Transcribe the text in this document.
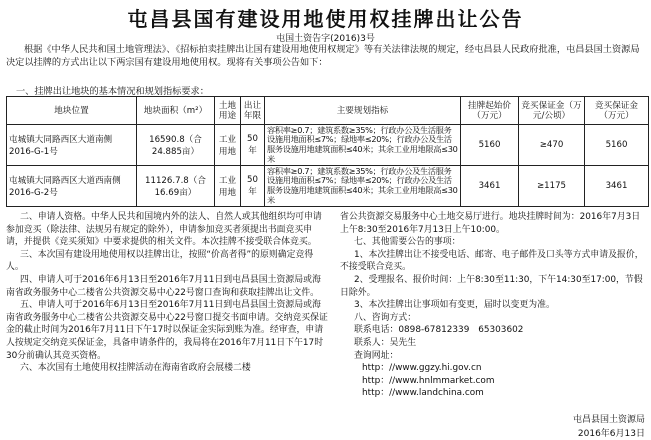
屯昌县国有建设用地使用权挂牌出让公告
屯国土资告字(2016)3号
根据《中华人民共和国土地管理法》、《招标拍卖挂牌出让国有建设用地使用权规定》等有关法律法规的规定，经屯昌县人民政府批准，屯昌县国土资源局决定以挂牌的方式出让以下两宗国有建设用地使用权。现将有关事项公告如下：
一、挂牌出让地块的基本情况和规划指标要求：
地块位置	地块面积（m²）	土地用途	出让年限	主要规划指标	挂牌起始价（万元）	竞买保证金（万元/公顷）	竞买保证金（万元）
屯城镇大同路西区大道南侧2016-G-1号	16590.8（合24.885亩）	工业用地	50年	容积率≥0.7；建筑系数≥35%；行政办公及生活服务设施用地面积≤7%；绿地率≤20%；行政办公及生活服务设施用地建筑面积≤40米；其余工业用地限高≤30米	5160	≥470	5160
屯城镇大同路西区大道西南侧2016-G-2号	11126.7.8（合16.69亩）	工业用地	50年	容积率≥0.7；建筑系数≥35%；行政办公及生活服务设施用地面积≤7%；绿地率≤20%；行政办公及生活服务设施用地建筑面积≤40米；其余工业用地限高≤30米	3461	≥1175	3461

二、申请人资格。中华人民共和国境内外的法人、自然人或其他组织均可申请参加竞买（除法律、法规另有规定的除外），申请参加竞买者须提出书面竞买申请，并提供《竞买须知》中要求提供的相关文件。本次挂牌不接受联合体竞买。

三、本次国有建设用地使用权以挂牌出让，按照“价高者得”的原则确定竞得人。

四、申请人可于2016年6月13日至2016年7月11日到屯昌县国土资源局或海南省政务服务中心二楼省公共资源交易中心22号窗口查询和获取挂牌出让文件。

五、申请人可于2016年6月13日至2016年7月11日到屯昌县国土资源局或海南省政务服务中心二楼省公共资源交易中心22号窗口提交书面申请。交纳竞买保证金的截止时间为2016年7月11日下午17时以保证金实际到账为准。经审查，申请人按规定交纳竞买保证金，具备申请条件的，我局将在2016年7月11日下午17时30分前确认其竞买资格。

六、本次国有土地使用权挂牌活动在海南省政府会展楼二楼

省公共资源交易服务中心土地交易厅进行。地块挂牌时间为：2016年7月3日上午8:30至2016年7月13日上午10:00。

七、其他需要公告的事项：

1、本次挂牌出让不接受电话、邮寄、电子邮件及口头等方式申请及报价，不接受联合竞买。

2、受理报名、报价时间：上午8:30至11:30，下午14:30至17:00，节假日除外。

3、本次挂牌出让事项如有变更，届时以变更为准。

八、咨询方式：

联系电话：0898-67812339　65303602

联系人：吴先生

查询网址：

http：//www.ggzy.hi.gov.cn

http：//www.hnlmmarket.com

http：//www.landchina.com

屯昌县国土资源局
2016年6月13日
